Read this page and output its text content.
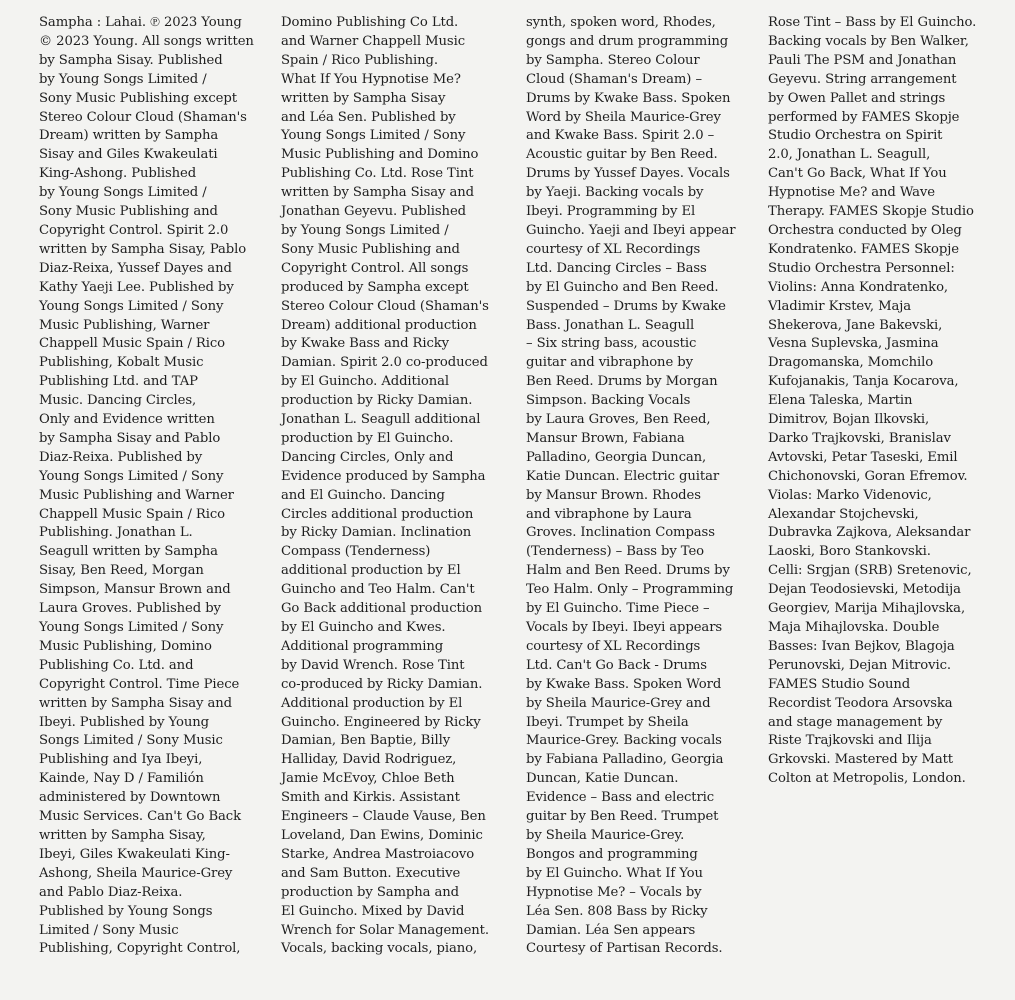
Sampha : Lahai. ℗ 2023 Young
© 2023 Young. All songs written
by Sampha Sisay. Published
by Young Songs Limited /
Sony Music Publishing except
Stereo Colour Cloud (Shaman's
Dream) written by Sampha
Sisay and Giles Kwakeulati
King-Ashong. Published
by Young Songs Limited /
Sony Music Publishing and
Copyright Control. Spirit 2.0
written by Sampha Sisay, Pablo
Diaz-Reixa, Yussef Dayes and
Kathy Yaeji Lee. Published by
Young Songs Limited / Sony
Music Publishing, Warner
Chappell Music Spain / Rico
Publishing, Kobalt Music
Publishing Ltd. and TAP
Music. Dancing Circles,
Only and Evidence written
by Sampha Sisay and Pablo
Diaz-Reixa. Published by
Young Songs Limited / Sony
Music Publishing and Warner
Chappell Music Spain / Rico
Publishing. Jonathan L.
Seagull written by Sampha
Sisay, Ben Reed, Morgan
Simpson, Mansur Brown and
Laura Groves. Published by
Young Songs Limited / Sony
Music Publishing, Domino
Publishing Co. Ltd. and
Copyright Control. Time Piece
written by Sampha Sisay and
Ibeyi. Published by Young
Songs Limited / Sony Music
Publishing and Iya Ibeyi,
Kainde, Nay D / Familión
administered by Downtown
Music Services. Can't Go Back
written by Sampha Sisay,
Ibeyi, Giles Kwakeulati King-
Ashong, Sheila Maurice-Grey
and Pablo Diaz-Reixa.
Published by Young Songs
Limited / Sony Music
Publishing, Copyright Control,

Domino Publishing Co Ltd.
and Warner Chappell Music
Spain / Rico Publishing.
What If You Hypnotise Me?
written by Sampha Sisay
and Léa Sen. Published by
Young Songs Limited / Sony
Music Publishing and Domino
Publishing Co. Ltd. Rose Tint
written by Sampha Sisay and
Jonathan Geyevu. Published
by Young Songs Limited /
Sony Music Publishing and
Copyright Control. All songs
produced by Sampha except
Stereo Colour Cloud (Shaman's
Dream) additional production
by Kwake Bass and Ricky
Damian. Spirit 2.0 co-produced
by El Guincho. Additional
production by Ricky Damian.
Jonathan L. Seagull additional
production by El Guincho.
Dancing Circles, Only and
Evidence produced by Sampha
and El Guincho. Dancing
Circles additional production
by Ricky Damian. Inclination
Compass (Tenderness)
additional production by El
Guincho and Teo Halm. Can't
Go Back additional production
by El Guincho and Kwes.
Additional programming
by David Wrench. Rose Tint
co-produced by Ricky Damian.
Additional production by El
Guincho. Engineered by Ricky
Damian, Ben Baptie, Billy
Halliday, David Rodriguez,
Jamie McEvoy, Chloe Beth
Smith and Kirkis. Assistant
Engineers – Claude Vause, Ben
Loveland, Dan Ewins, Dominic
Starke, Andrea Mastroiacovo
and Sam Button. Executive
production by Sampha and
El Guincho. Mixed by David
Wrench for Solar Management.
Vocals, backing vocals, piano,

synth, spoken word, Rhodes,
gongs and drum programming
by Sampha. Stereo Colour
Cloud (Shaman's Dream) –
Drums by Kwake Bass. Spoken
Word by Sheila Maurice-Grey
and Kwake Bass. Spirit 2.0 –
Acoustic guitar by Ben Reed.
Drums by Yussef Dayes. Vocals
by Yaeji. Backing vocals by
Ibeyi. Programming by El
Guincho. Yaeji and Ibeyi appear
courtesy of XL Recordings
Ltd. Dancing Circles – Bass
by El Guincho and Ben Reed.
Suspended – Drums by Kwake
Bass. Jonathan L. Seagull
– Six string bass, acoustic
guitar and vibraphone by
Ben Reed. Drums by Morgan
Simpson. Backing Vocals
by Laura Groves, Ben Reed,
Mansur Brown, Fabiana
Palladino, Georgia Duncan,
Katie Duncan. Electric guitar
by Mansur Brown. Rhodes
and vibraphone by Laura
Groves. Inclination Compass
(Tenderness) – Bass by Teo
Halm and Ben Reed. Drums by
Teo Halm. Only – Programming
by El Guincho. Time Piece –
Vocals by Ibeyi. Ibeyi appears
courtesy of XL Recordings
Ltd. Can't Go Back - Drums
by Kwake Bass. Spoken Word
by Sheila Maurice-Grey and
Ibeyi. Trumpet by Sheila
Maurice-Grey. Backing vocals
by Fabiana Palladino, Georgia
Duncan, Katie Duncan.
Evidence – Bass and electric
guitar by Ben Reed. Trumpet
by Sheila Maurice-Grey.
Bongos and programming
by El Guincho. What If You
Hypnotise Me? – Vocals by
Léa Sen. 808 Bass by Ricky
Damian. Léa Sen appears
Courtesy of Partisan Records.

Rose Tint – Bass by El Guincho.
Backing vocals by Ben Walker,
Pauli The PSM and Jonathan
Geyevu. String arrangement
by Owen Pallet and strings
performed by FAMES Skopje
Studio Orchestra on Spirit
2.0, Jonathan L. Seagull,
Can't Go Back, What If You
Hypnotise Me? and Wave
Therapy. FAMES Skopje Studio
Orchestra conducted by Oleg
Kondratenko. FAMES Skopje
Studio Orchestra Personnel:
Violins: Anna Kondratenko,
Vladimir Krstev, Maja
Shekerova, Jane Bakevski,
Vesna Suplevska, Jasmina
Dragomanska, Momchilo
Kufojanakis, Tanja Kocarova,
Elena Taleska, Martin
Dimitrov, Bojan Ilkovski,
Darko Trajkovski, Branislav
Avtovski, Petar Taseski, Emil
Chichonovski, Goran Efremov.
Violas: Marko Videnovic,
Alexandar Stojchevski,
Dubravka Zajkova, Aleksandar
Laoski, Boro Stankovski.
Celli: Srgjan (SRB) Sretenovic,
Dejan Teodosievski, Metodija
Georgiev, Marija Mihajlovska,
Maja Mihajlovska. Double
Basses: Ivan Bejkov, Blagoja
Perunovski, Dejan Mitrovic.
FAMES Studio Sound
Recordist Teodora Arsovska
and stage management by
Riste Trajkovski and Ilija
Grkovski. Mastered by Matt
Colton at Metropolis, London.
